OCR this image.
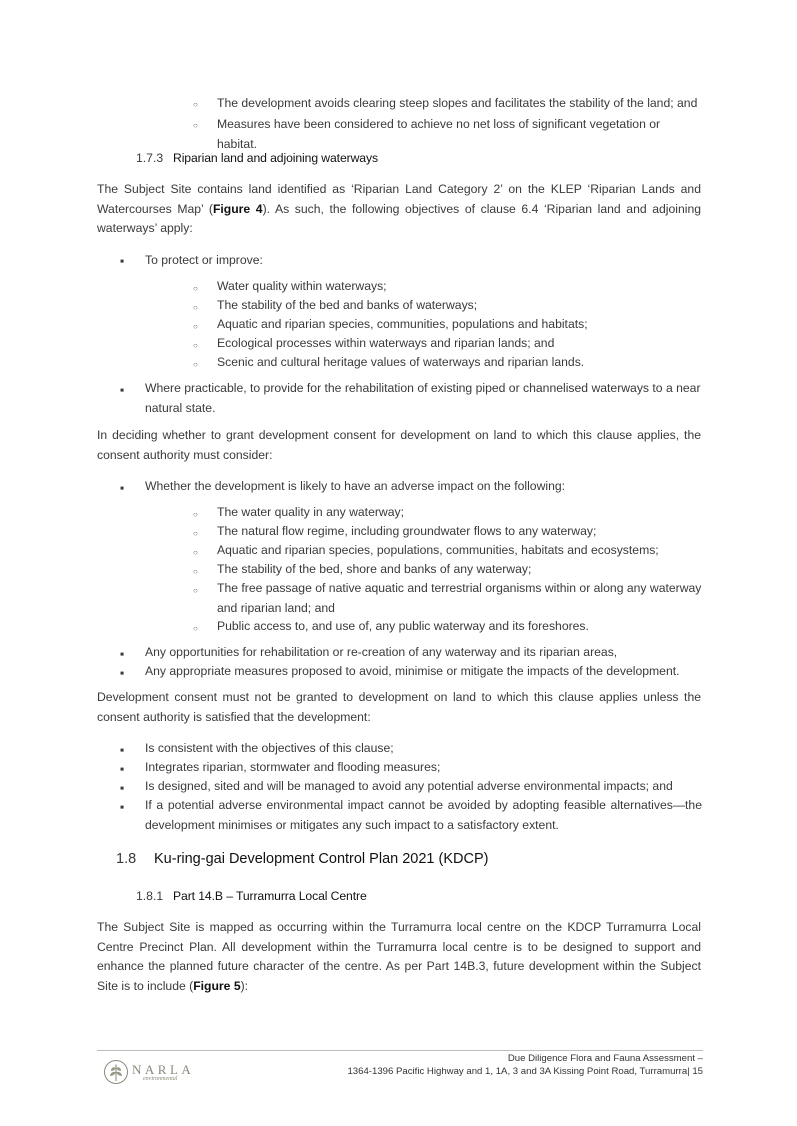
○ The development avoids clearing steep slopes and facilitates the stability of the land; and
○ Measures have been considered to achieve no net loss of significant vegetation or habitat.
1.7.3 Riparian land and adjoining waterways
The Subject Site contains land identified as ‘Riparian Land Category 2’ on the KLEP ‘Riparian Lands and Watercourses Map’ (Figure 4). As such, the following objectives of clause 6.4 ‘Riparian land and adjoining waterways’ apply:
▪ To protect or improve:
○ Water quality within waterways;
○ The stability of the bed and banks of waterways;
○ Aquatic and riparian species, communities, populations and habitats;
○ Ecological processes within waterways and riparian lands; and
○ Scenic and cultural heritage values of waterways and riparian lands.
▪ Where practicable, to provide for the rehabilitation of existing piped or channelised waterways to a near natural state.
In deciding whether to grant development consent for development on land to which this clause applies, the consent authority must consider:
▪ Whether the development is likely to have an adverse impact on the following:
○ The water quality in any waterway;
○ The natural flow regime, including groundwater flows to any waterway;
○ Aquatic and riparian species, populations, communities, habitats and ecosystems;
○ The stability of the bed, shore and banks of any waterway;
○ The free passage of native aquatic and terrestrial organisms within or along any waterway and riparian land; and
○ Public access to, and use of, any public waterway and its foreshores.
▪ Any opportunities for rehabilitation or re-creation of any waterway and its riparian areas,
▪ Any appropriate measures proposed to avoid, minimise or mitigate the impacts of the development.
Development consent must not be granted to development on land to which this clause applies unless the consent authority is satisfied that the development:
▪ Is consistent with the objectives of this clause;
▪ Integrates riparian, stormwater and flooding measures;
▪ Is designed, sited and will be managed to avoid any potential adverse environmental impacts; and
▪ If a potential adverse environmental impact cannot be avoided by adopting feasible alternatives—the development minimises or mitigates any such impact to a satisfactory extent.
1.8 Ku-ring-gai Development Control Plan 2021 (KDCP)
1.8.1 Part 14.B – Turramurra Local Centre
The Subject Site is mapped as occurring within the Turramurra local centre on the KDCP Turramurra Local Centre Precinct Plan. All development within the Turramurra local centre is to be designed to support and enhance the planned future character of the centre. As per Part 14B.3, future development within the Subject Site is to include (Figure 5):
NARLA
environmental
Due Diligence Flora and Fauna Assessment –
1364-1396 Pacific Highway and 1, 1A, 3 and 3A Kissing Point Road, Turramurra| 15
